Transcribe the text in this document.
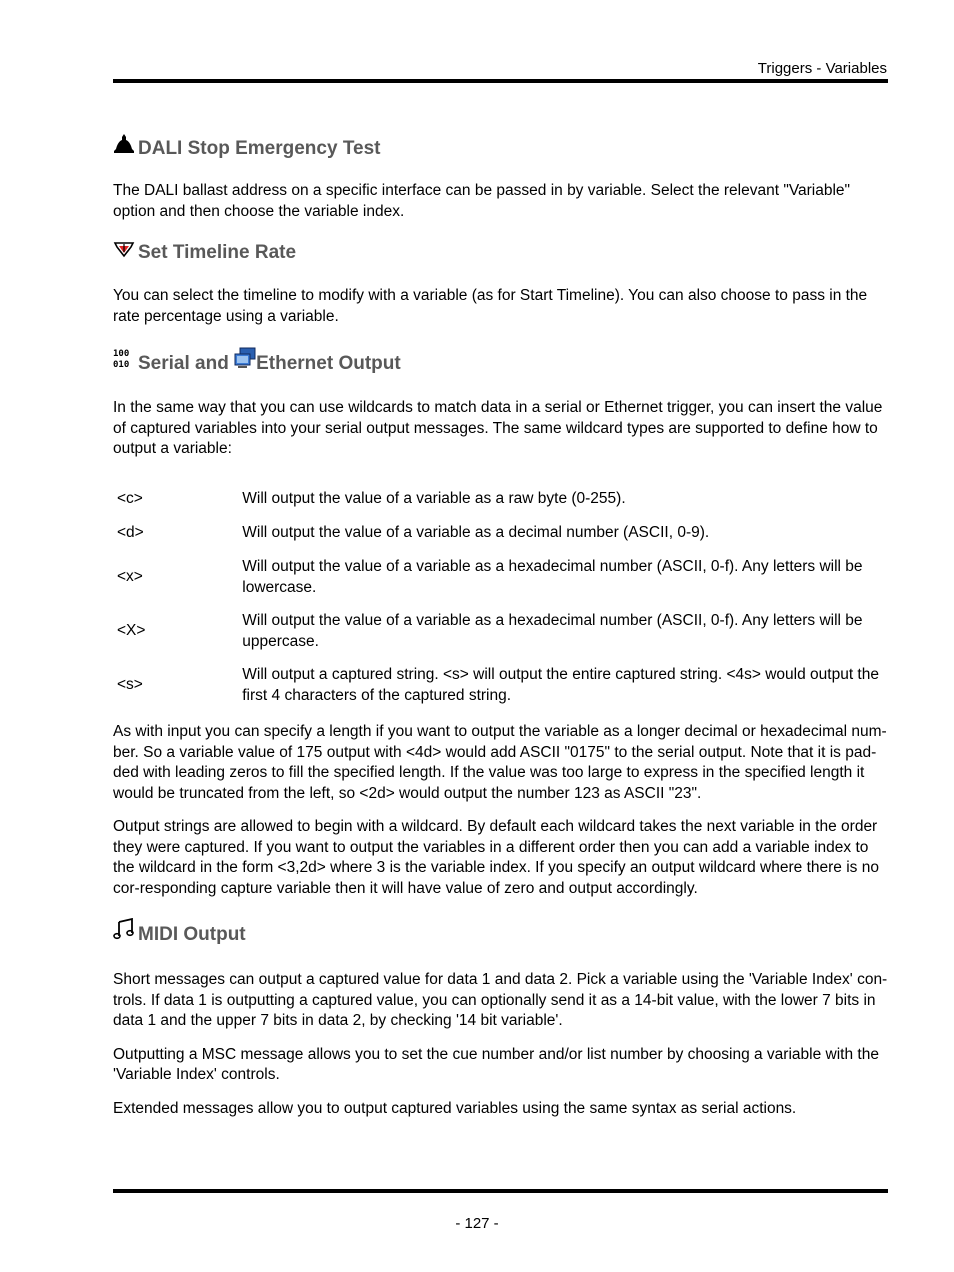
Triggers - Variables
DALI Stop Emergency Test

The DALI ballast address on a specific interface can be passed in by variable. Select the relevant "Variable" option and then choose the variable index.

Set Timeline Rate

You can select the timeline to modify with a variable (as for Start Timeline). You can also choose to pass in the rate percentage using a variable.

100
010 Serial and Ethernet Output

In the same way that you can use wildcards to match data in a serial or Ethernet trigger, you can insert the value of captured variables into your serial output messages. The same wildcard types are supported to define how to output a variable:

<c>	Will output the value of a variable as a raw byte (0-255).
<d>	Will output the value of a variable as a decimal number (ASCII, 0-9).
<x>	Will output the value of a variable as a hexadecimal number (ASCII, 0-f). Any letters will be lowercase.
<X>	Will output the value of a variable as a hexadecimal number (ASCII, 0-f). Any letters will be uppercase.
<s>	Will output a captured string. <s> will output the entire captured string. <4s> would output the first 4 characters of the captured string.

As with input you can specify a length if you want to output the variable as a longer decimal or hexadecimal num-ber. So a variable value of 175 output with <4d> would add ASCII "0175" to the serial output. Note that it is pad-ded with leading zeros to fill the specified length. If the value was too large to express in the specified length it would be truncated from the left, so <2d> would output the number 123 as ASCII "23".

Output strings are allowed to begin with a wildcard. By default each wildcard takes the next variable in the order they were captured. If you want to output the variables in a different order then you can add a variable index to the wildcard in the form <3,2d> where 3 is the variable index. If you specify an output wildcard where there is no cor-responding capture variable then it will have value of zero and output accordingly.

MIDI Output

Short messages can output a captured value for data 1 and data 2. Pick a variable using the 'Variable Index' con-trols. If data 1 is outputting a captured value, you can optionally send it as a 14-bit value, with the lower 7 bits in data 1 and the upper 7 bits in data 2, by checking '14 bit variable'.

Outputting a MSC message allows you to set the cue number and/or list number by choosing a variable with the 'Variable Index' controls.

Extended messages allow you to output captured variables using the same syntax as serial actions.

- 127 -
